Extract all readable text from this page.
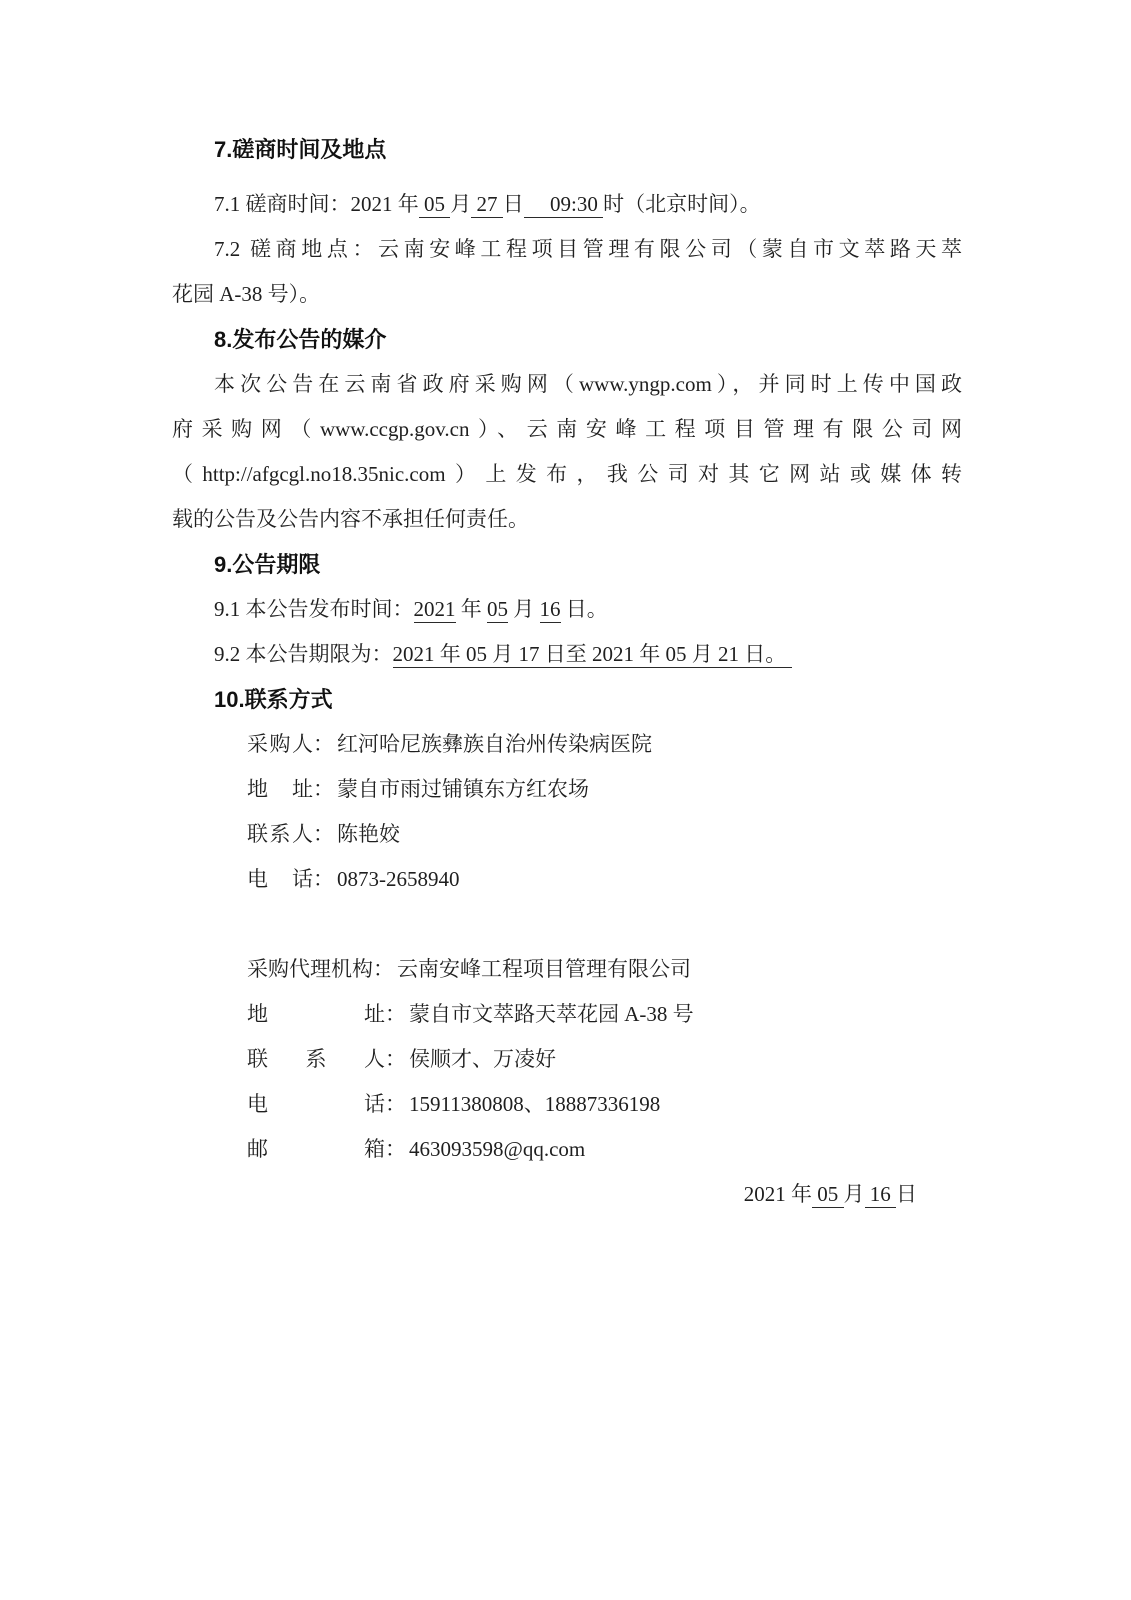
7.磋商时间及地点

7.1 磋商时间：2021 年 05 月 27 日　 09:30 时（北京时间）。

7.2 磋商地点：云南安峰工程项目管理有限公司（蒙自市文萃路天萃
花园 A-38 号）。
8.发布公告的媒介
本次公告在云南省政府采购网（www.yngp.com），并同时上传中国政
府采购网（www.ccgp.gov.cn）、云南安峰工程项目管理有限公司网
（http://afgcgl.no18.35nic.com）上发布，我公司对其它网站或媒体转
载的公告及公告内容不承担任何责任。
9.公告期限

9.1 本公告发布时间：2021 年 05 月 16 日。

9.2 本公告期限为：2021 年 05 月 17 日至 2021 年 05 月 21 日。

10.联系方式

采购人： 红河哈尼族彝族自治州传染病医院

地　址： 蒙自市雨过铺镇东方红农场

联系人： 陈艳姣

电　话： 0873-2658940

采购代理机构： 云南安峰工程项目管理有限公司

地　　　　址： 蒙自市文萃路天萃花园 A-38 号

联　系　人： 侯顺才、万凌好

电　　　　话： 15911380808、18887336198

邮　　　　箱： 463093598@qq.com

2021 年 05 月 16 日
